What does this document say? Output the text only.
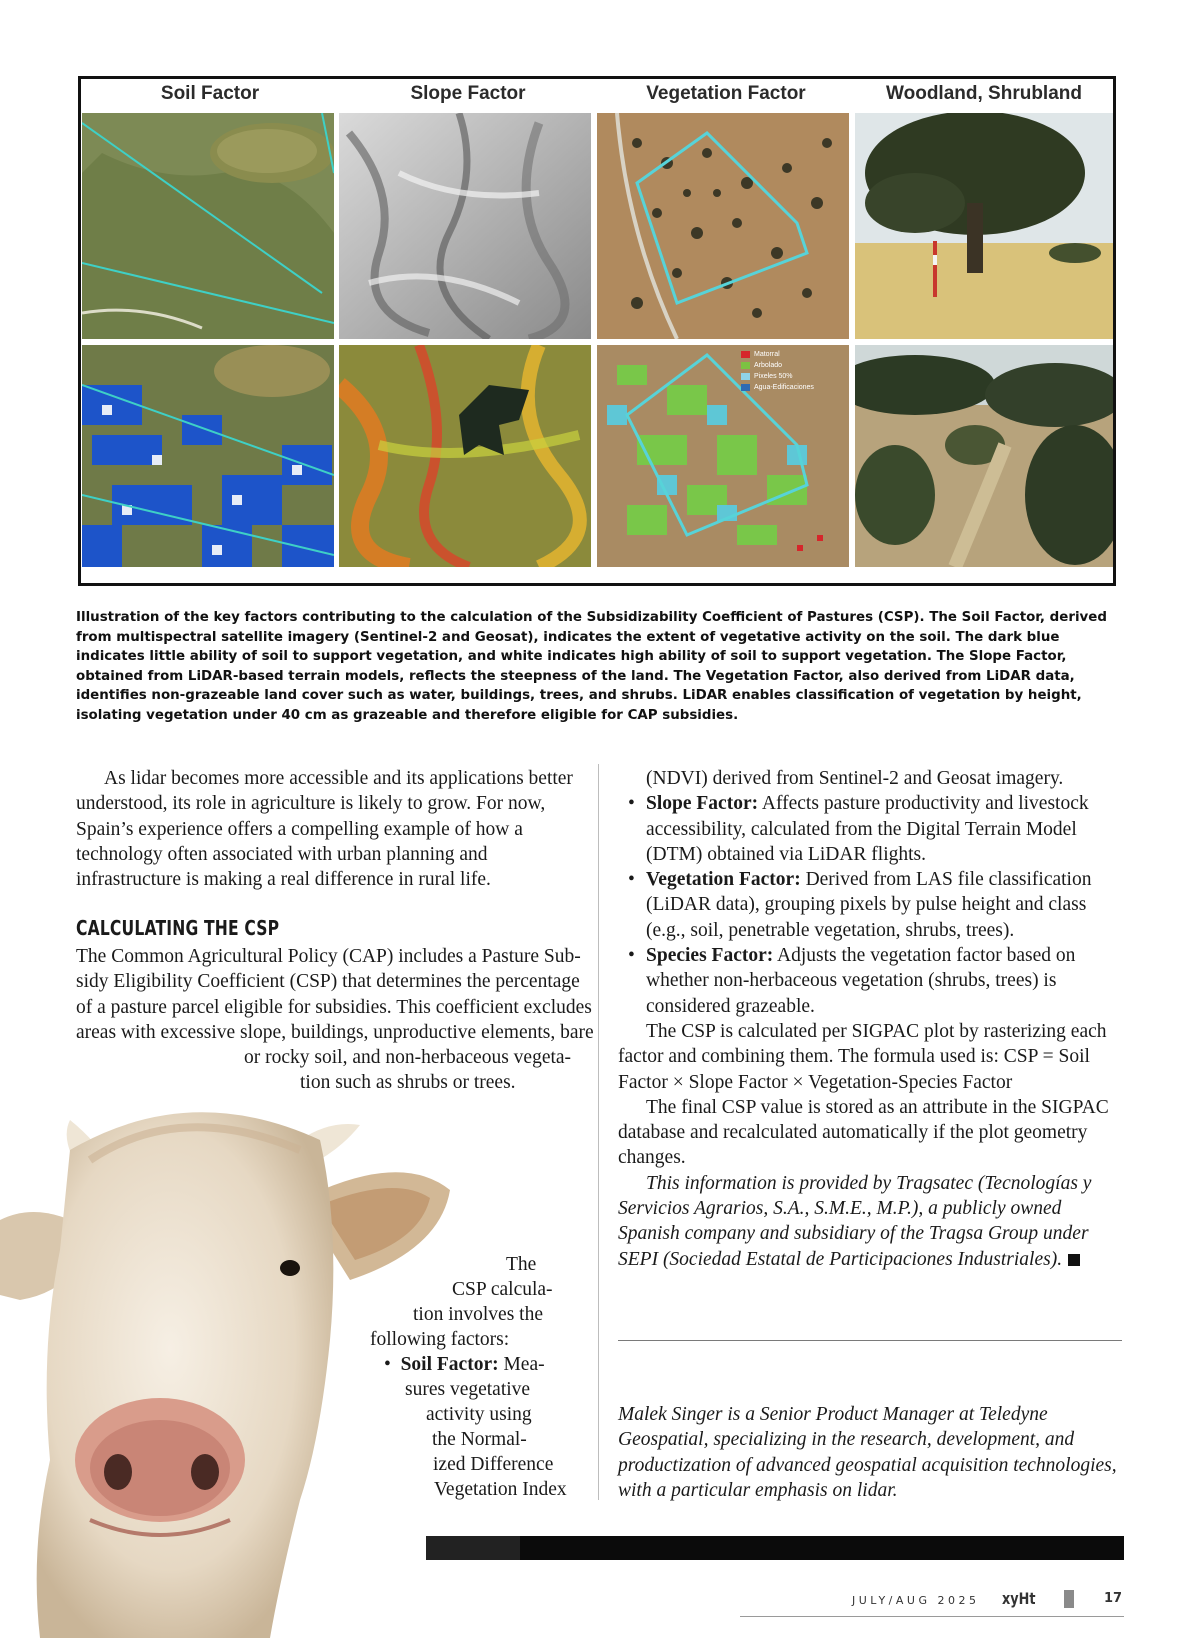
Soil Factor	Slope Factor	Vegetation Factor	Woodland, Shrubland
Matorral
Arbolado
Pixeles 50%
Agua-Edificaciones
Illustration of the key factors contributing to the calculation of the Subsidizability Coefficient of Pastures (CSP). The Soil Factor, derived from multispectral satellite imagery (Sentinel-2 and Geosat), indicates the extent of vegetative activity on the soil. The dark blue indicates little ability of soil to support vegetation, and white indicates high ability of soil to support vegetation. The Slope Factor, obtained from LiDAR-based terrain models, reflects the steepness of the land. The Vegetation Factor, also derived from LiDAR data, identifies non-grazeable land cover such as water, buildings, trees, and shrubs. LiDAR enables classification of vegetation by height, isolating vegetation under 40 cm as grazeable and therefore eligible for CAP subsidies.

As lidar becomes more accessible and its applications better understood, its role in agriculture is likely to grow. For now, Spain’s experience offers a compelling example of how a technology often associated with urban planning and infrastructure is making a real difference in rural life.

CALCULATING THE CSP
The Common Agricultural Policy (CAP) includes a Pasture Sub-
sidy Eligibility Coefficient (CSP) that determines the percentage
of a pasture parcel eligible for subsidies. This coefficient excludes
areas with excessive slope, buildings, unproductive elements, bare
or rocky soil, and non-herbaceous vegeta-
tion such as shrubs or trees.
The
CSP calcula-
tion involves the
following factors:
•  Soil Factor: Mea-
sures vegetative
activity using
the Normal-
ized Difference
Vegetation Index
(NDVI) derived from Sentinel-2 and Geosat imagery.
• Slope Factor: Affects pasture productivity and livestock accessibility, calculated from the Digital Terrain Model (DTM) obtained via LiDAR flights.
• Vegetation Factor: Derived from LAS file classification (LiDAR data), grouping pixels by pulse height and class (e.g., soil, penetrable vegetation, shrubs, trees).
• Species Factor: Adjusts the vegetation factor based on whether non-herbaceous vegetation (shrubs, trees) is considered grazeable.

The CSP is calculated per SIGPAC plot by rasterizing each factor and combining them. The formula used is: CSP = Soil Factor × Slope Factor × Vegetation-Species Factor

The final CSP value is stored as an attribute in the SIGPAC database and recalculated automatically if the plot geometry changes.

This information is provided by Tragsatec (Tecnologías y Servicios Agrarios, S.A., S.M.E., M.P.), a publicly owned Spanish company and subsidiary of the Tragsa Group under SEPI (Sociedad Estatal de Participaciones Industriales).

Malek Singer is a Senior Product Manager at Teledyne Geospatial, specializing in the research, development, and productization of advanced geospatial acquisition technologies, with a particular emphasis on lidar.
JULY/AUG 2025 xyHt	17
